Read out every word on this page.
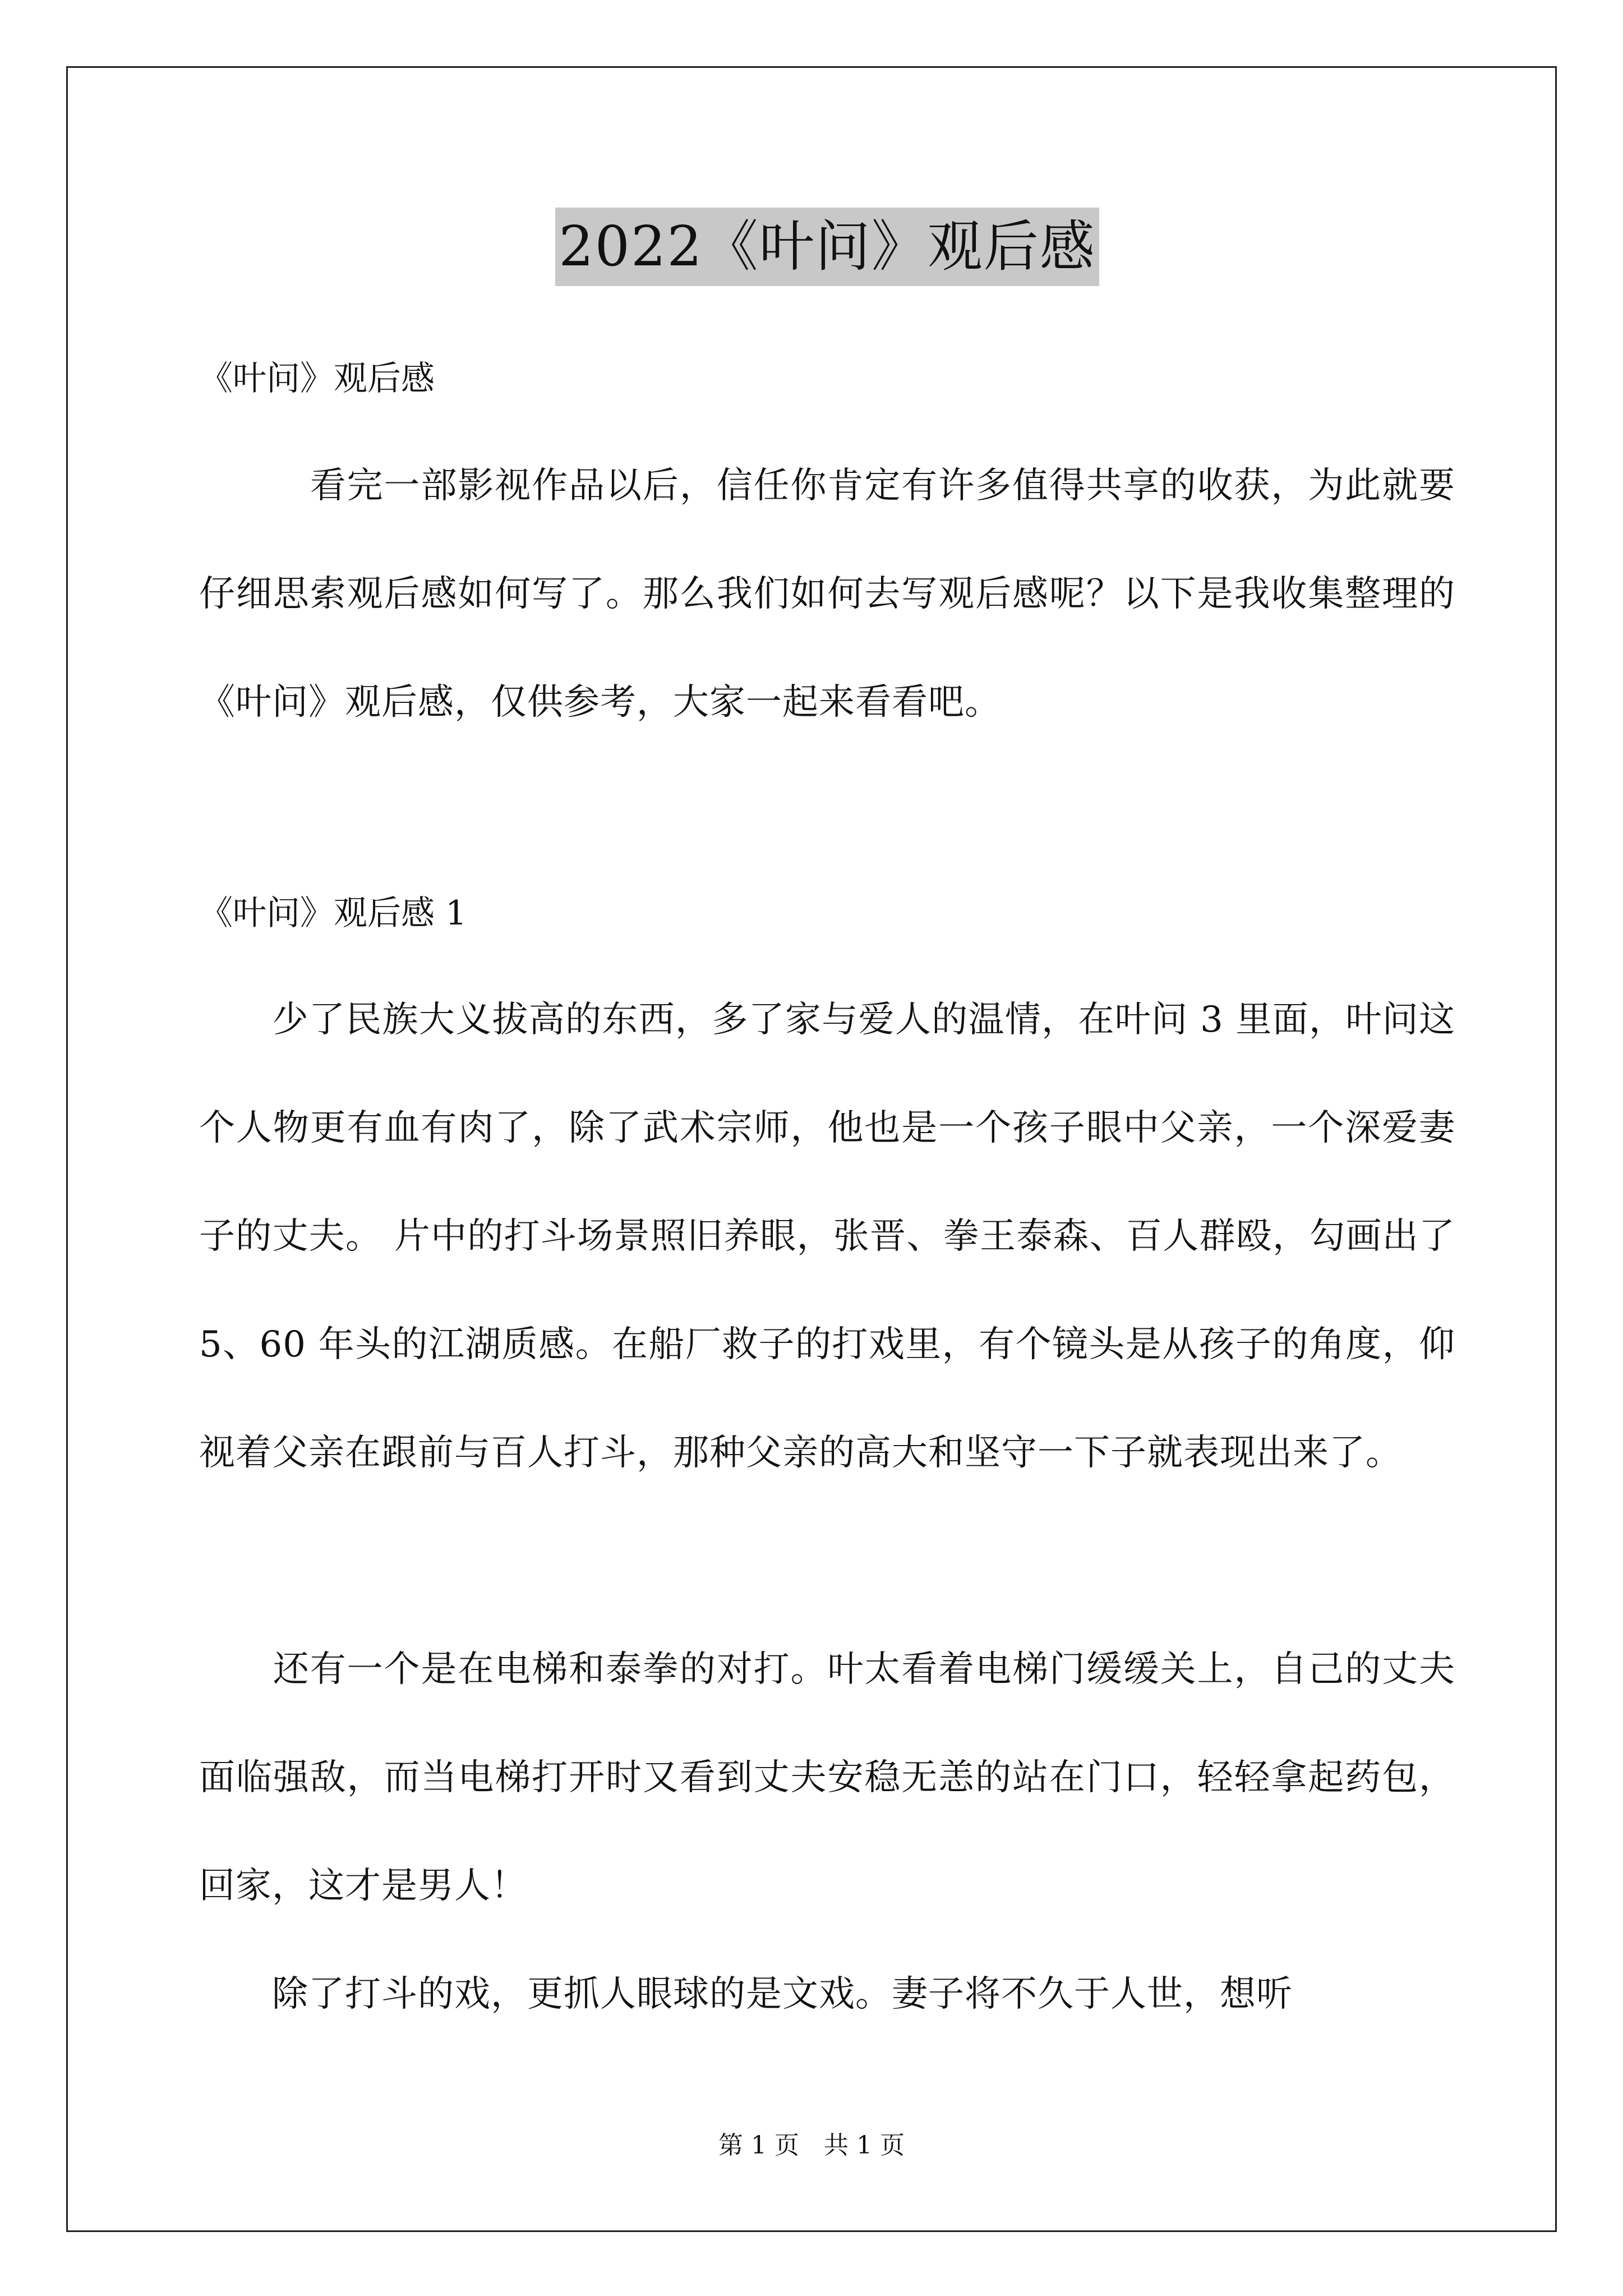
2022《叶问》观后感
《叶问》观后感
　　　看完一部影视作品以后，信任你肯定有许多值得共享的收获，为此就要仔细思索观后感如何写了。那么我们如何去写观后感呢？以下是我收集整理的《叶问》观后感，仅供参考，大家一起来看看吧。
《叶问》观后感 1
　　少了民族大义拔高的东西，多了家与爱人的温情，在叶问 3 里面，叶问这个人物更有血有肉了，除了武术宗师，他也是一个孩子眼中父亲，一个深爱妻子的丈夫。 片中的打斗场景照旧养眼，张晋、拳王泰森、百人群殴，勾画出了 5、60 年头的江湖质感。在船厂救子的打戏里，有个镜头是从孩子的角度，仰视着父亲在跟前与百人打斗，那种父亲的高大和坚守一下子就表现出来了。
　　还有一个是在电梯和泰拳的对打。叶太看着电梯门缓缓关上，自己的丈夫面临强敌，而当电梯打开时又看到丈夫安稳无恙的站在门口，轻轻拿起药包，回家，这才是男人！
　　除了打斗的戏，更抓人眼球的是文戏。妻子将不久于人世，想听
第 1 页　共 1 页
